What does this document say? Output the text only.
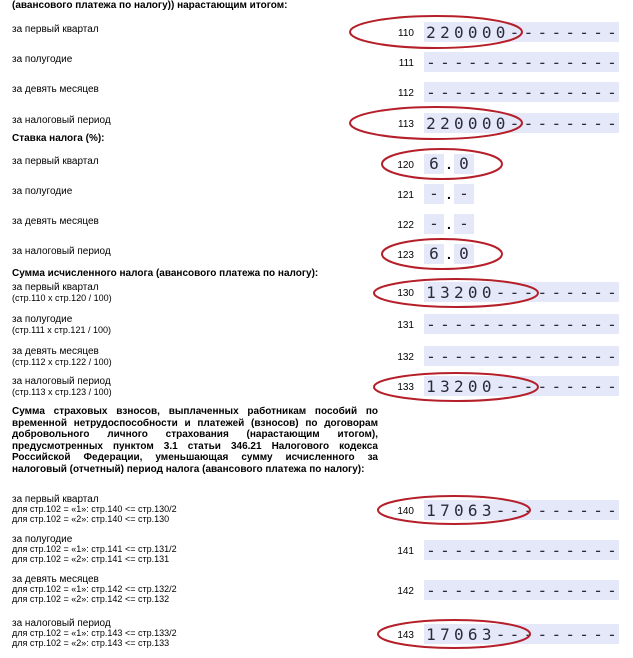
(авансового платежа по налогу)) нарастающим итогом:
за первый квартал	110 2 2 0 0 0 0 - - - - - - - -
за полугодие	111 - - - - - - - - - - - - - -
за девять месяцев	112 - - - - - - - - - - - - - -
за налоговый период	113 2 2 0 0 0 0 - - - - - - - -
Ставка налога (%):
за первый квартал	120 6 . 0
за полугодие	121 - . -
за девять месяцев	122 - . -
за налоговый период	123 6 . 0
Сумма исчисленного налога (авансового платежа по налогу):
за первый квартал
(стр.110 х стр.120 / 100)	130 1 3 2 0 0 - - - - - - - - -
за полугодие
(стр.111 х стр.121 / 100)	131 - - - - - - - - - - - - - -
за девять месяцев
(стр.112 х стр.122 / 100)	132 - - - - - - - - - - - - - -
за налоговый период
(стр.113 х стр.123 / 100)	133 1 3 2 0 0 - - - - - - - - -
Сумма страховых взносов, выплаченных работникам пособий по временной нетрудоспособности и платежей (взносов) по договорам добровольного личного страхования (нарастающим итогом), предусмотренных пунктом 3.1 статьи 346.21 Налогового кодекса Российской Федерации, уменьшающая сумму исчисленного за налоговый (отчетный) период налога (авансового платежа по налогу):
за первый квартал
для стр.102 = «1»: стр.140 <= стр.130/2
для стр.102 = «2»: стр.140 <= стр.130
140 1 7 0 6 3 - - - - - - - - -
за полугодие
для стр.102 = «1»: стр.141 <= стр.131/2
для стр.102 = «2»: стр.141 <= стр.131
141 - - - - - - - - - - - - - -
за девять месяцев
для стр.102 = «1»: стр.142 <= стр.132/2
для стр.102 = «2»: стр.142 <= стр.132
142 - - - - - - - - - - - - - -
за налоговый период
для стр.102 = «1»: стр.143 <= стр.133/2
для стр.102 = «2»: стр.143 <= стр.133
143 1 7 0 6 3 - - - - - - - - -
